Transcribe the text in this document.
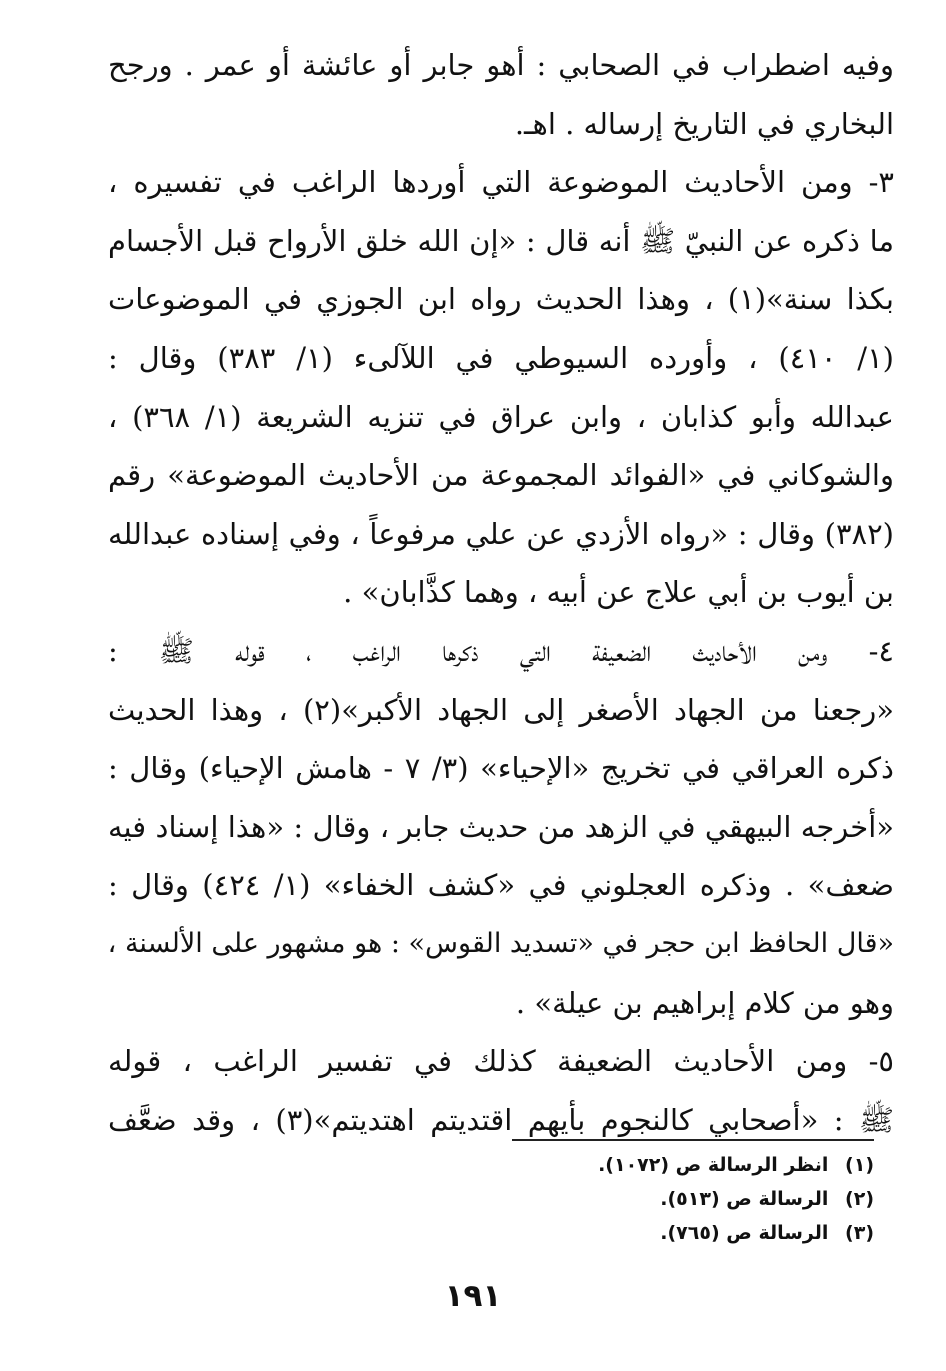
وفيه اضطراب في الصحابي : أهو جابر أو عائشة أو عمر . ورجح
البخاري في التاريخ إرساله . اهـ.
٣- ومن الأحاديث الموضوعة التي أوردها الراغب في تفسيره ،
ما ذكره عن النبيّ ﷺ أنه قال : «إن الله خلق الأرواح قبل الأجسام
بكذا سنة»(١) ، وهذا الحديث رواه ابن الجوزي في الموضوعات
(١/ ٤١٠) ، وأورده السيوطي في اللآلىء (١/ ٣٨٣) وقال :
عبدالله وأبو كذابان ، وابن عراق في تنزيه الشريعة (١/ ٣٦٨) ،
والشوكاني في «الفوائد المجموعة من الأحاديث الموضوعة» رقم
(٣٨٢) وقال : «رواه الأزدي عن علي مرفوعاً ، وفي إسناده عبدالله
بن أيوب بن أبي علاج عن أبيه ، وهما كذَّابان» .
٤- ومن الأحاديث الضعيفة التي ذكرها الراغب ، قوله ﷺ :
«رجعنا من الجهاد الأصغر إلى الجهاد الأكبر»(٢) ، وهذا الحديث
ذكره العراقي في تخريج «الإحياء» (٣/ ٧ - هامش الإحياء) وقال :
«أخرجه البيهقي في الزهد من حديث جابر ، وقال : «هذا إسناد فيه
ضعف» . وذكره العجلوني في «كشف الخفاء» (١/ ٤٢٤) وقال :
«قال الحافظ ابن حجر في «تسديد القوس» : هو مشهور على الألسنة ،
وهو من كلام إبراهيم بن عيلة» .
٥- ومن الأحاديث الضعيفة كذلك في تفسير الراغب ، قوله
ﷺ : «أصحابي كالنجوم بأيهم اقتديتم اهتديتم»(٣) ، وقد ضعَّف
(١) انظر الرسالة ص (١٠٧٢).
(٢) الرسالة ص (٥١٣).
(٣) الرسالة ص (٧٦٥).
١٩١
